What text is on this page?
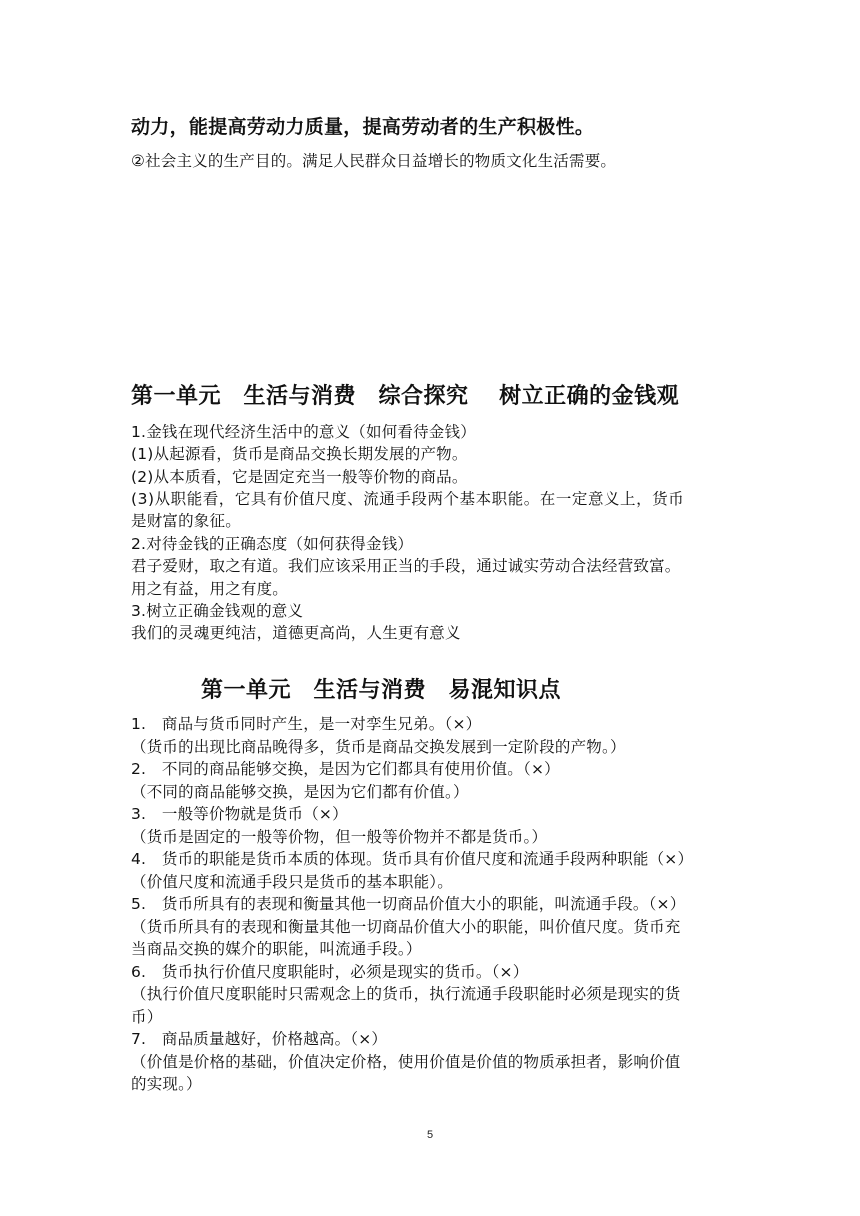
动力，能提高劳动力质量，提高劳动者的生产积极性。
②社会主义的生产目的。满足人民群众日益增长的物质文化生活需要。
第一单元　生活与消费　综合探究　 树立正确的金钱观
1.金钱在现代经济生活中的意义（如何看待金钱）
(1)从起源看，货币是商品交换长期发展的产物。
(2)从本质看，它是固定充当一般等价物的商品。
(3)从职能看，它具有价值尺度、流通手段两个基本职能。在一定意义上，货币
是财富的象征。
2.对待金钱的正确态度（如何获得金钱）
君子爱财，取之有道。我们应该采用正当的手段，通过诚实劳动合法经营致富。
用之有益，用之有度。
3.树立正确金钱观的意义
我们的灵魂更纯洁，道德更高尚，人生更有意义
第一单元　生活与消费　易混知识点
1.　商品与货币同时产生，是一对孪生兄弟。（×）
（货币的出现比商品晚得多，货币是商品交换发展到一定阶段的产物。）
2.　不同的商品能够交换，是因为它们都具有使用价值。（×）
（不同的商品能够交换，是因为它们都有价值。）
3.　一般等价物就是货币（×）
（货币是固定的一般等价物，但一般等价物并不都是货币。）
4.　货币的职能是货币本质的体现。货币具有价值尺度和流通手段两种职能（×）
（价值尺度和流通手段只是货币的基本职能）。
5.　货币所具有的表现和衡量其他一切商品价值大小的职能，叫流通手段。（×）
（货币所具有的表现和衡量其他一切商品价值大小的职能，叫价值尺度。货币充
当商品交换的媒介的职能，叫流通手段。）
6.　货币执行价值尺度职能时，必须是现实的货币。（×）
（执行价值尺度职能时只需观念上的货币，执行流通手段职能时必须是现实的货
币）
7.　商品质量越好，价格越高。（×）
（价值是价格的基础，价值决定价格，使用价值是价值的物质承担者，影响价值
的实现。）
5
